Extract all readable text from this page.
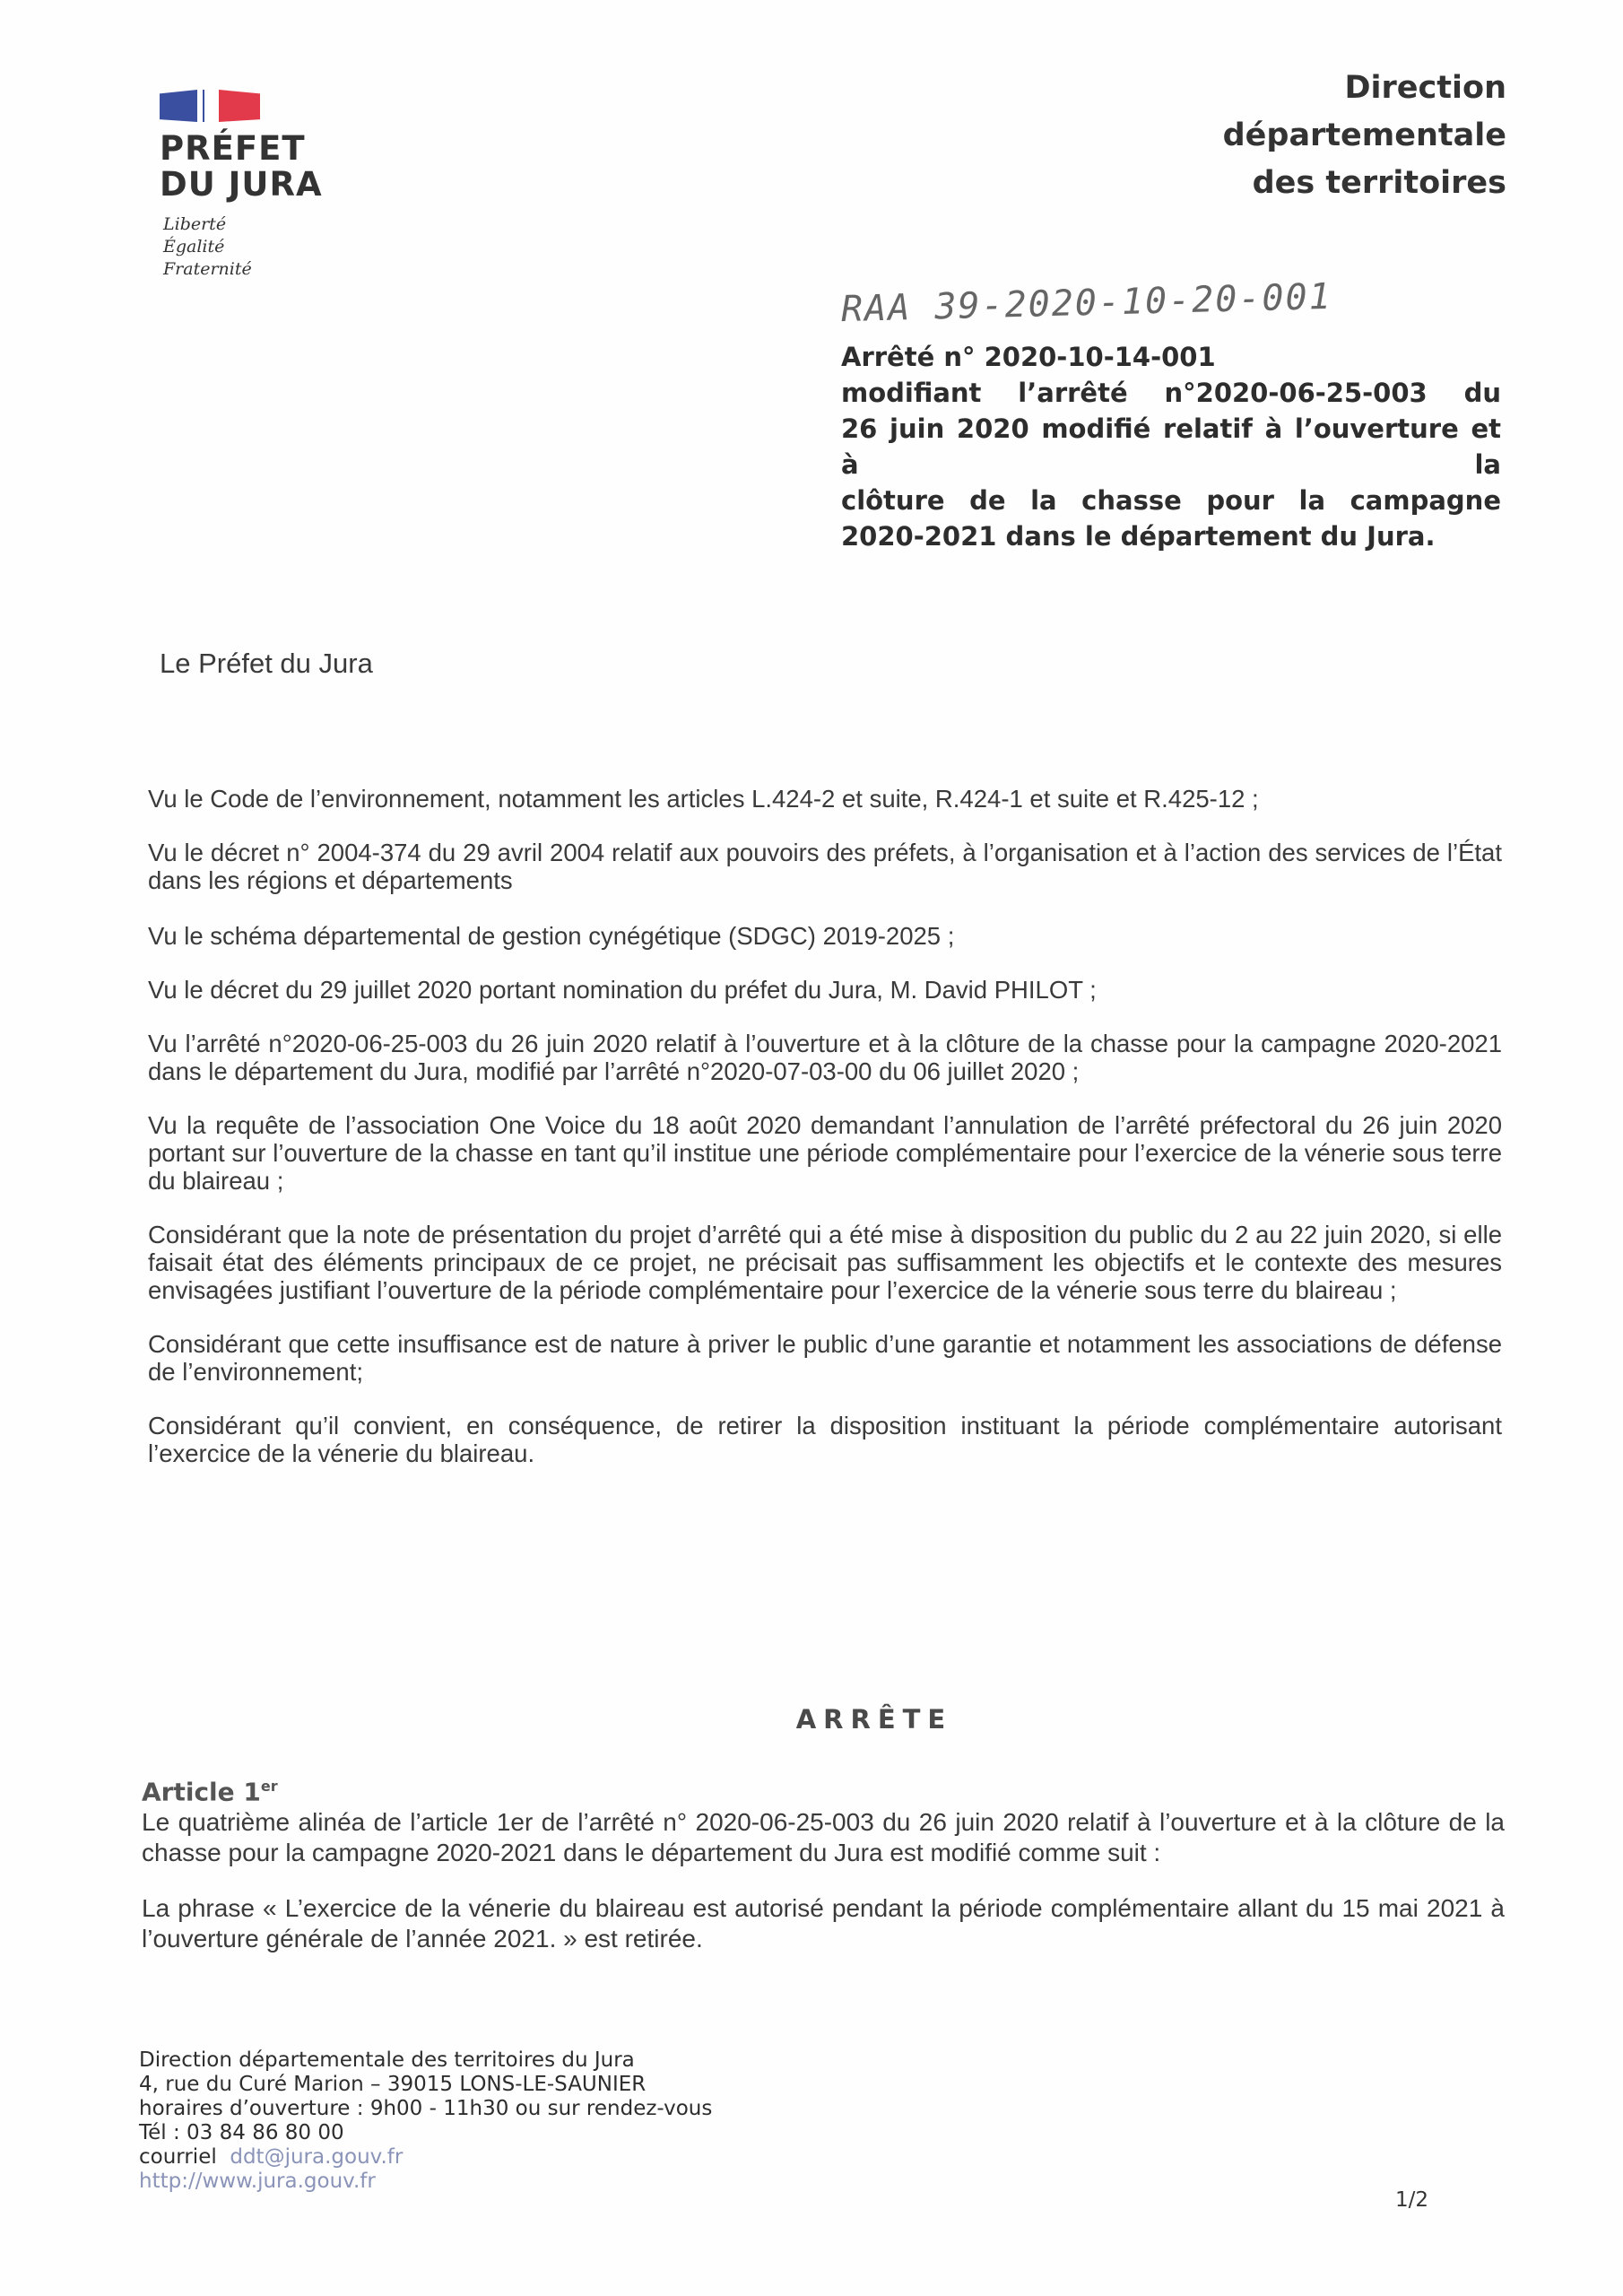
PRÉFET
DU JURA
Liberté
Égalité
Fraternité
Direction
départementale
des territoires
RAA 39-2020-10-20-001
Arrêté n° 2020-10-14-001
modifiant l’arrêté n°2020-06-25-003 du
26 juin 2020 modifié relatif à l’ouverture et à la
clôture de la chasse pour la campagne
2020-2021 dans le département du Jura.
Le Préfet du Jura

Vu le Code de l’environnement, notamment les articles L.424-2 et suite, R.424-1 et suite et R.425-12 ;

Vu le décret n° 2004-374 du 29 avril 2004 relatif aux pouvoirs des préfets, à l’organisation et à l’action des services de l’État dans les régions et départements

Vu le schéma départemental de gestion cynégétique (SDGC) 2019-2025 ;

Vu le décret du 29 juillet 2020 portant nomination du préfet du Jura, M. David PHILOT ;

Vu l’arrêté n°2020-06-25-003 du 26 juin 2020 relatif à l’ouverture et à la clôture de la chasse pour la campagne 2020-2021 dans le département du Jura, modifié par l’arrêté n°2020-07-03-00 du 06 juillet 2020 ;

Vu la requête de l’association One Voice du 18 août 2020 demandant l’annulation de l’arrêté préfectoral du 26 juin 2020 portant sur l’ouverture de la chasse en tant qu’il institue une période complémentaire pour l’exercice de la vénerie sous terre du blaireau ;

Considérant que la note de présentation du projet d’arrêté qui a été mise à disposition du public du 2 au 22 juin 2020, si elle faisait état des éléments principaux de ce projet, ne précisait pas suffisamment les objectifs et le contexte des mesures envisagées justifiant l’ouverture de la période complémentaire pour l’exercice de la vénerie sous terre du blaireau ;

Considérant que cette insuffisance est de nature à priver le public d’une garantie et notamment les associations de défense de l’environnement;

Considérant qu’il convient, en conséquence, de retirer la disposition instituant la période complémentaire autorisant l’exercice de la vénerie du blaireau.

ARRÊTE
Article 1er

Le quatrième alinéa de l’article 1er de l’arrêté n° 2020-06-25-003 du 26 juin 2020 relatif à l’ouverture et à la clôture de la chasse pour la campagne 2020-2021 dans le département du Jura est modifié comme suit :

La phrase « L’exercice de la vénerie du blaireau est autorisé pendant la période complémentaire allant du 15 mai 2021 à l’ouverture générale de l’année 2021. » est retirée.

Direction départementale des territoires du Jura
4, rue du Curé Marion – 39015 LONS-LE-SAUNIER
horaires d’ouverture : 9h00 - 11h30 ou sur rendez-vous
Tél : 03 84 86 80 00
courriel ddt@jura.gouv.fr
http://www.jura.gouv.fr
1/2
